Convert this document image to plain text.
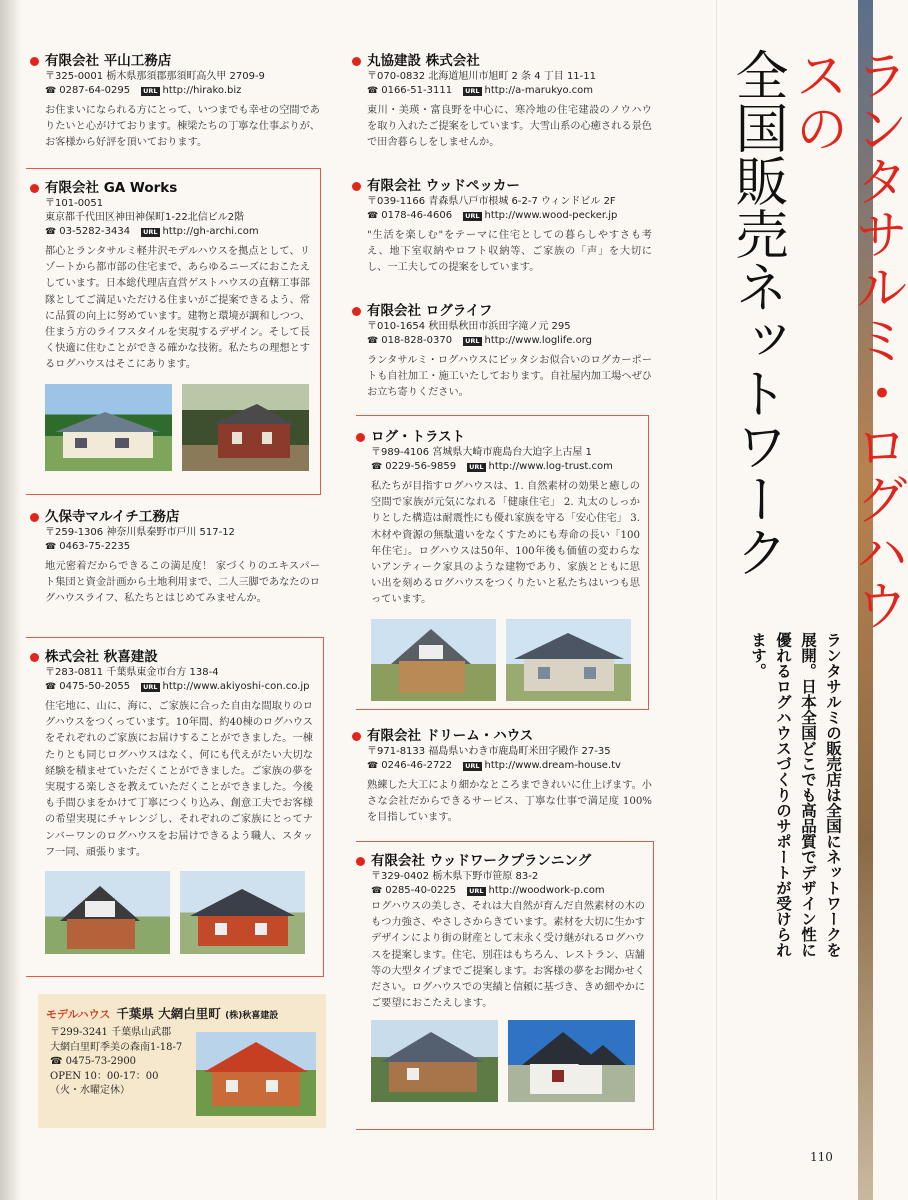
有限会社 平山工務店
〒325-0001 栃木県那須郡那須町高久甲 2709-9
☎ 0287-64-0295	URL http://hirako.biz
お住まいになられる方にとって、いつまでも幸せの空間でありたいと心がけております。棟梁たちの丁寧な仕事ぶりが、お客様から好評を頂いております。
有限会社 GA Works
〒101-0051
東京都千代田区神田神保町1-22北信ビル2階
☎ 03-5282-3434	URL http://gh-archi.com
都心とランタサルミ軽井沢モデルハウスを拠点として、リゾートから都市部の住宅まで、あらゆるニーズにおこたえしています。日本総代理店直営ゲストハウスの直轄工事部隊としてご満足いただける住まいがご提案できるよう、常に品質の向上に努めています。建物と環境が調和しつつ、住まう方のライフスタイルを実現するデザイン。そして長く快適に住むことができる確かな技術。私たちの理想とするログハウスはそこにあります。
久保寺マルイチ工務店
〒259-1306 神奈川県秦野市戸川 517-12
☎ 0463-75-2235
地元密着だからできるこの満足度！ 家づくりのエキスパート集団と資金計画から土地利用まで、二人三脚であなたのログハウスライフ、私たちとはじめてみませんか。
株式会社 秋喜建設
〒283-0811 千葉県東金市台方 138-4
☎ 0475-50-2055	URL http://www.akiyoshi-con.co.jp
住宅地に、山に、海に、ご家族に合った自由な間取りのログハウスをつくっています。10年間、約40棟のログハウスをそれぞれのご家族にお届けすることができました。一棟たりとも同じログハウスはなく、何にも代えがたい大切な経験を積ませていただくことができました。ご家族の夢を実現する楽しさを教えていただくことができました。今後も手間ひまをかけて丁寧につくり込み、創意工夫でお客様の希望実現にチャレンジし、それぞれのご家族にとってナンバーワンのログハウスをお届けできるよう職人、スタッフ一同、頑張ります。
モデルハウス 千葉県 大網白里町 (株)秋喜建設
〒299-3241 千葉県山武郡
大網白里町季美の森南1-18-7
☎ 0475-73-2900
OPEN 10：00-17：00
（火・水曜定休）
丸協建設 株式会社
〒070-0832 北海道旭川市旭町 2 条 4 丁目 11-11
☎ 0166-51-3111	URL http://a-marukyo.com
東川・美瑛・富良野を中心に、寒冷地の住宅建設のノウハウを取り入れたご提案をしています。大雪山系の心癒される景色で田舎暮らしをしませんか。
有限会社 ウッドペッカー
〒039-1166 青森県八戸市根城 6-2-7 ウィンドビル 2F
☎ 0178-46-4606	URL http://www.wood-pecker.jp
"生活を楽しむ"をテーマに住宅としての暮らしやすさも考え、地下室収納やロフト収納等、ご家族の「声」を大切にし、一工夫しての提案をしています。
有限会社 ログライフ
〒010-1654 秋田県秋田市浜田字滝ノ元 295
☎ 018-828-0370	URL http://www.loglife.org
ランタサルミ・ログハウスにピッタシお似合いのログカーポートも自社加工・施工いたしております。自社屋内加工場へぜひお立ち寄りください。
ログ・トラスト
〒989-4106 宮城県大崎市鹿島台大迫字上古屋 1
☎ 0229-56-9859	URL http://www.log-trust.com
私たちが目指すログハウスは、1. 自然素材の効果と癒しの空間で家族が元気になれる「健康住宅」 2. 丸太のしっかりとした構造は耐震性にも優れ家族を守る「安心住宅」 3. 木材や資源の無駄遣いをなくすためにも寿命の長い「100年住宅」。ログハウスは50年、100年後も価値の変わらないアンティーク家具のような建物であり、家族とともに思い出を刻めるログハウスをつくりたいと私たちはいつも思っています。
有限会社 ドリーム・ハウス
〒971-8133 福島県いわき市鹿島町米田字殿作 27-35
☎ 0246-46-2722	URL http://www.dream-house.tv
熟練した大工により細かなところまできれいに仕上げます。小さな会社だからできるサービス、丁寧な仕事で満足度 100%を目指しています。
有限会社 ウッドワークプランニング
〒329-0402 栃木県下野市笹原 83-2
☎ 0285-40-0225	URL http://woodwork-p.com
ログハウスの美しさ、それは大自然が育んだ自然素材の木のもつ力強さ、やさしさからきています。素材を大切に生かすデザインにより街の財産として末永く受け継がれるログハウスを提案します。住宅、別荘はもちろん、レストラン、店舗等の大型タイプまでご提案します。お客様の夢をお聞かせください。ログハウスでの実績と信頼に基づき、きめ細やかにご要望におこたえします。
ランタサルミ・ログハウスの
全国販売ネットワーク
ランタサルミの販売店は全国にネットワークを展開。日本全国どこでも高品質でデザイン性に優れるログハウスづくりのサポートが受けられます。
110
